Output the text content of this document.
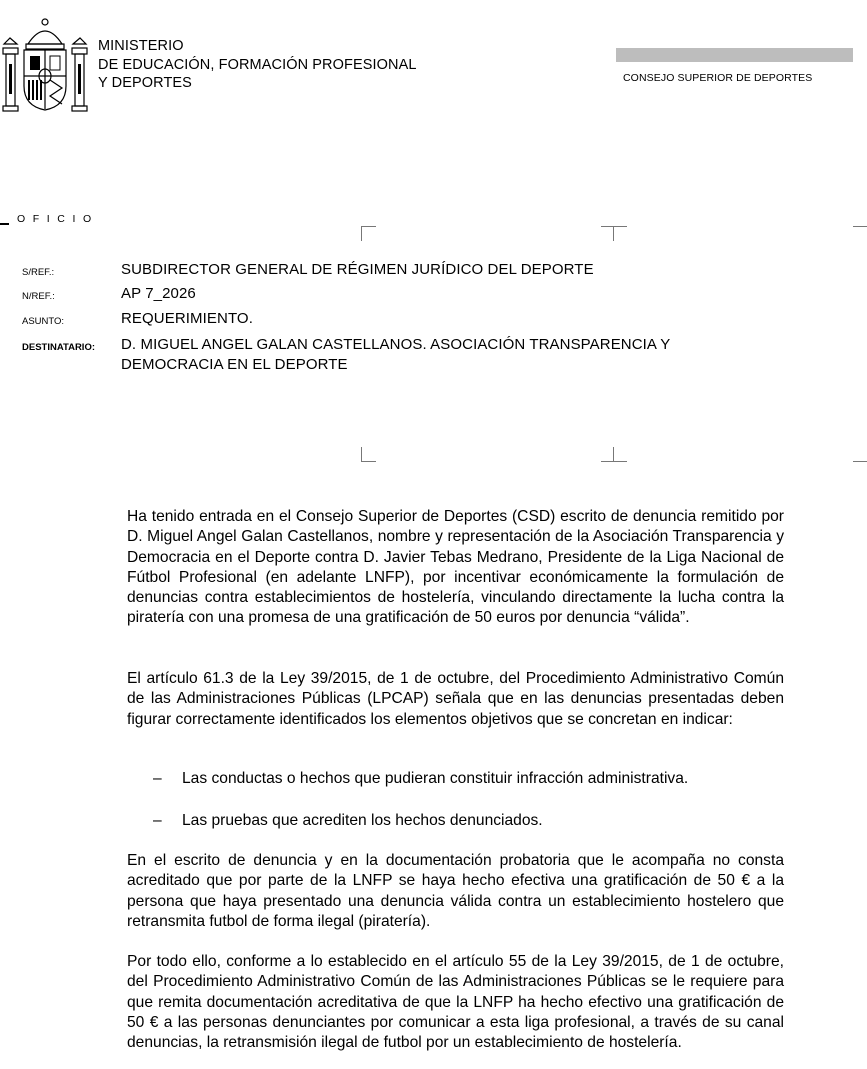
MINISTERIO
DE EDUCACIÓN, FORMACIÓN PROFESIONAL
Y DEPORTES	CONSEJO SUPERIOR DE DEPORTES
OFICIO
S/REF.:	SUBDIRECTOR GENERAL DE RÉGIMEN JURÍDICO DEL DEPORTE
N/REF.:	AP 7_2026
ASUNTO:	REQUERIMIENTO.
DESTINATARIO: D. MIGUEL ANGEL GALAN CASTELLANOS. ASOCIACIÓN TRANSPARENCIA Y DEMOCRACIA EN EL DEPORTE
Ha tenido entrada en el Consejo Superior de Deportes (CSD) escrito de denuncia remitido por D. Miguel Angel Galan Castellanos, nombre y representación de la Asociación Transparencia y Democracia en el Deporte contra D. Javier Tebas Medrano, Presidente de la Liga Nacional de Fútbol Profesional (en adelante LNFP), por incentivar económicamente la formulación de denuncias contra establecimientos de hostelería, vinculando directamente la lucha contra la piratería con una promesa de una gratificación de 50 euros por denuncia “válida”.
El artículo 61.3 de la Ley 39/2015, de 1 de octubre, del Procedimiento Administrativo Común de las Administraciones Públicas (LPCAP) señala que en las denuncias presentadas deben figurar correctamente identificados los elementos objetivos que se concretan en indicar:
– Las conductas o hechos que pudieran constituir infracción administrativa.
– Las pruebas que acrediten los hechos denunciados.
En el escrito de denuncia y en la documentación probatoria que le acompaña no consta acreditado que por parte de la LNFP se haya hecho efectiva una gratificación de 50 € a la persona que haya presentado una denuncia válida contra un establecimiento hostelero que retransmita futbol de forma ilegal (piratería).
Por todo ello, conforme a lo establecido en el artículo 55 de la Ley 39/2015, de 1 de octubre, del Procedimiento Administrativo Común de las Administraciones Públicas se le requiere para que remita documentación acreditativa de que la LNFP ha hecho efectivo una gratificación de 50 € a las personas denunciantes por comunicar a esta liga profesional, a través de su canal denuncias, la retransmisión ilegal de futbol por un establecimiento de hostelería.
